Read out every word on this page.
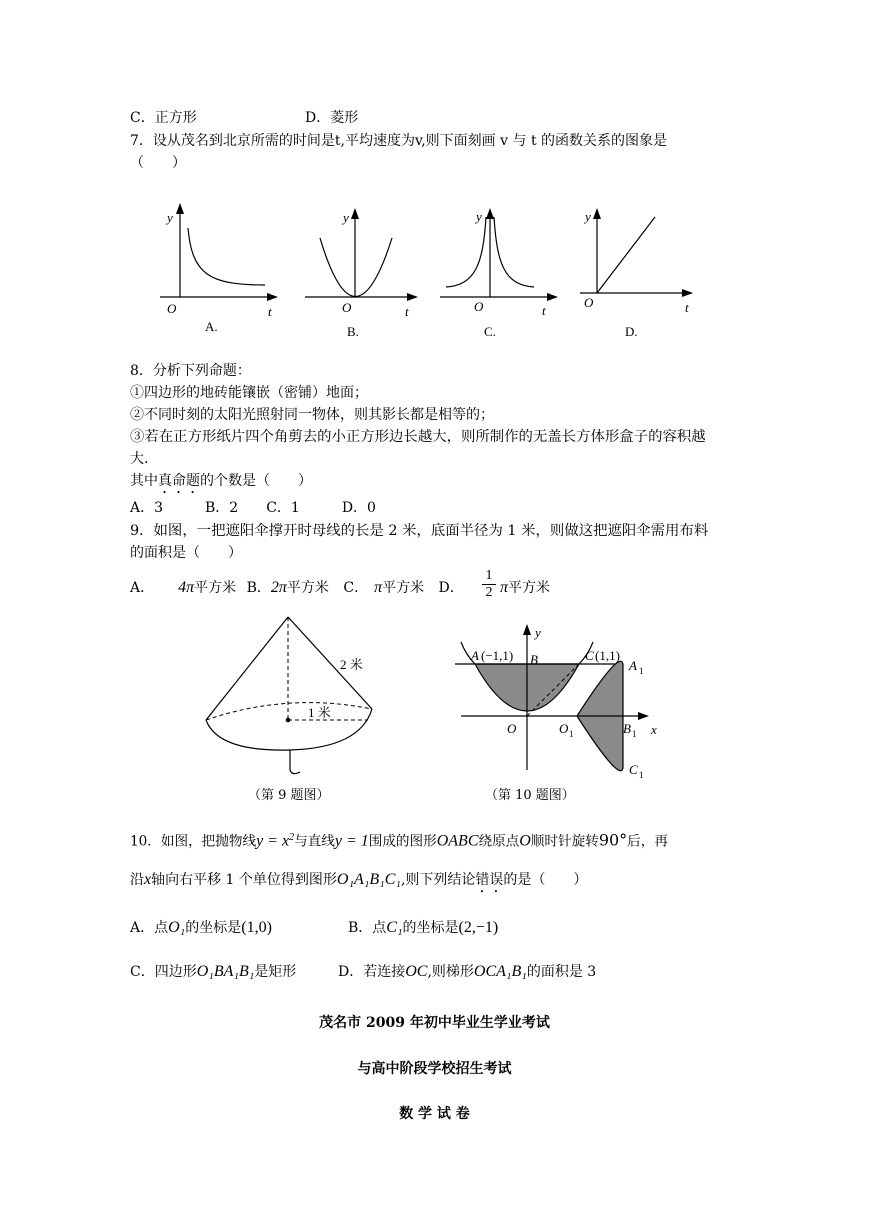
C．正方形	D．菱形
7．设从茂名到北京所需的时间是t,平均速度为v,则下面刻画 v 与 t 的函数关系的图象是
（　　）
y
t
O
A.
y
t
O
B.
y
t
O
C.
y
t
O
D.
8．分析下列命题：
①四边形的地砖能镶嵌（密铺）地面；
②不同时刻的太阳光照射同一物体，则其影长都是相等的；
③若在正方形纸片四个角剪去的小正方形边长越大，则所制作的无盖长方体形盒子的容积越
大.
其中真命题的个数是（　　）
A．3　　　B．2　　C．1　　　D．0
9．如图，一把遮阳伞撑开时母线的长是 2 米，底面半径为 1 米，则做这把遮阳伞需用布料
的面积是（　　）
A． 4π平方米 B．2π平方米 C． π平方米 D．
1
2 π平方米
2 米
1 米
（第 9 题图）
y
x
O
A (−1,1) B	C (1,1)
A 1
O 1	B 1
C 1
（第 10 题图）
10．如图，把抛物线$y = x^2$与直线y = 1围成的图形OABC绕原点O顺时针旋转90°后，再
沿x轴向右平移 1 个单位得到图形O₁A₁B₁C₁,则下列结论错误的是（　　）
A．点O₁的坐标是(1,0)	B．点C₁的坐标是(2,−1)
C．四边形O₁BA₁B₁是矩形	D．若连接OC,则梯形OCA₁B₁的面积是 3
茂名市 2009 年初中毕业生学业考试
与高中阶段学校招生考试
数 学 试 卷
